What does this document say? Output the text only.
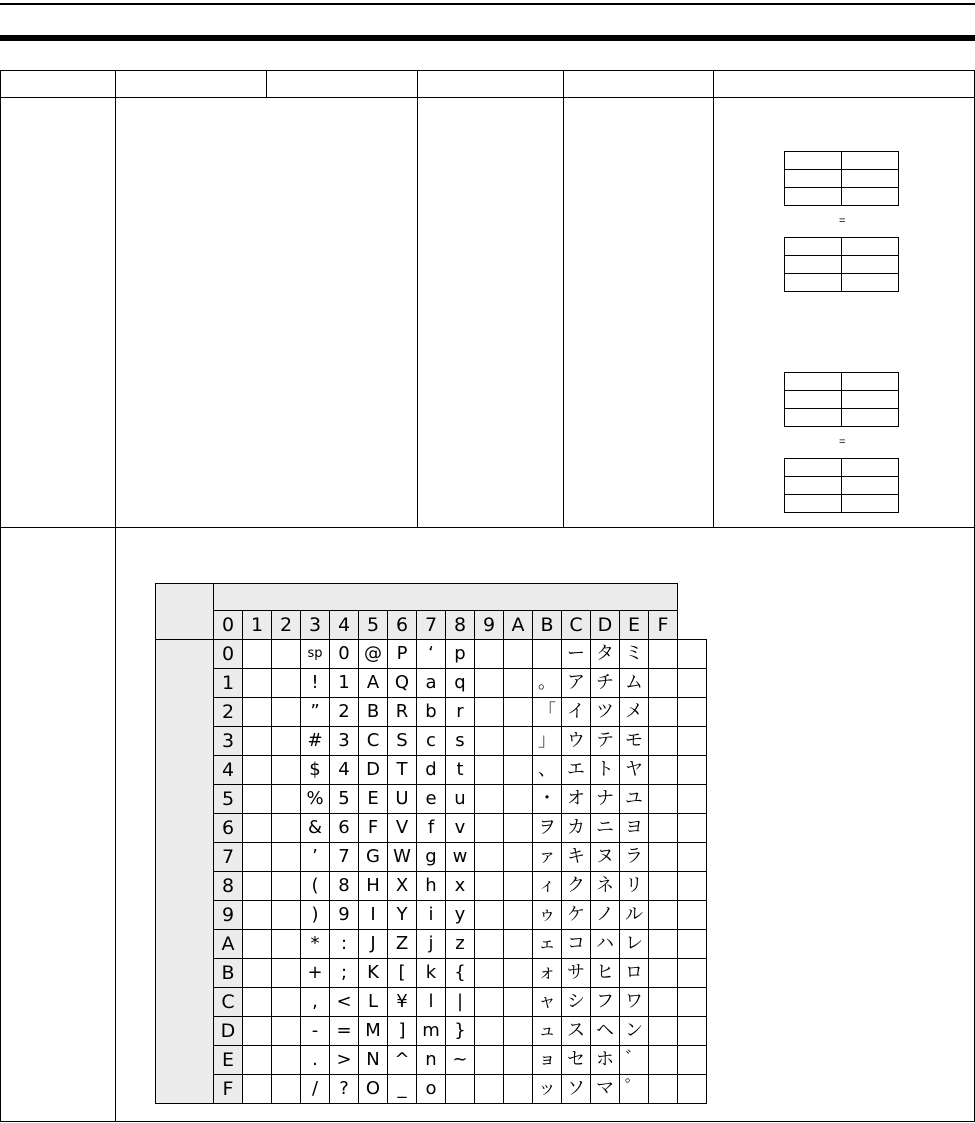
=

=

	0	1	2	3	4	5	6	7	8	9	A	B	C	D	E	F	
	0			sp	0	@	P	‘	p				ー	タ	ミ		
	1			!	1	A	Q	a	q			。	ア	チ	ム		
	2			”	2	B	R	b	r			「	イ	ツ	メ		
	3			#	3	C	S	c	s			」	ウ	テ	モ		
	4			$	4	D	T	d	t			、	エ	ト	ヤ		
	5			%	5	E	U	e	u			・	オ	ナ	ユ		
	6			&	6	F	V	f	v			ヲ	カ	ニ	ヨ		
	7			’	7	G	W	g	w			ァ	キ	ヌ	ラ		
	8			(	8	H	X	h	x			ィ	ク	ネ	リ		
	9			)	9	I	Y	i	y			ゥ	ケ	ノ	ル		
	A			*	:	J	Z	j	z			ェ	コ	ハ	レ		
	B			+	;	K	[	k	{			ォ	サ	ヒ	ロ		
	C			,	<	L	¥	l	|			ャ	シ	フ	ワ		
	D			-	=	M	]	m	}			ュ	ス	ヘ	ン		
	E			.	>	N	^	n	~			ョ	セ	ホ	゛		
	F			/	?	O	_	o				ッ	ソ	マ	゜		
